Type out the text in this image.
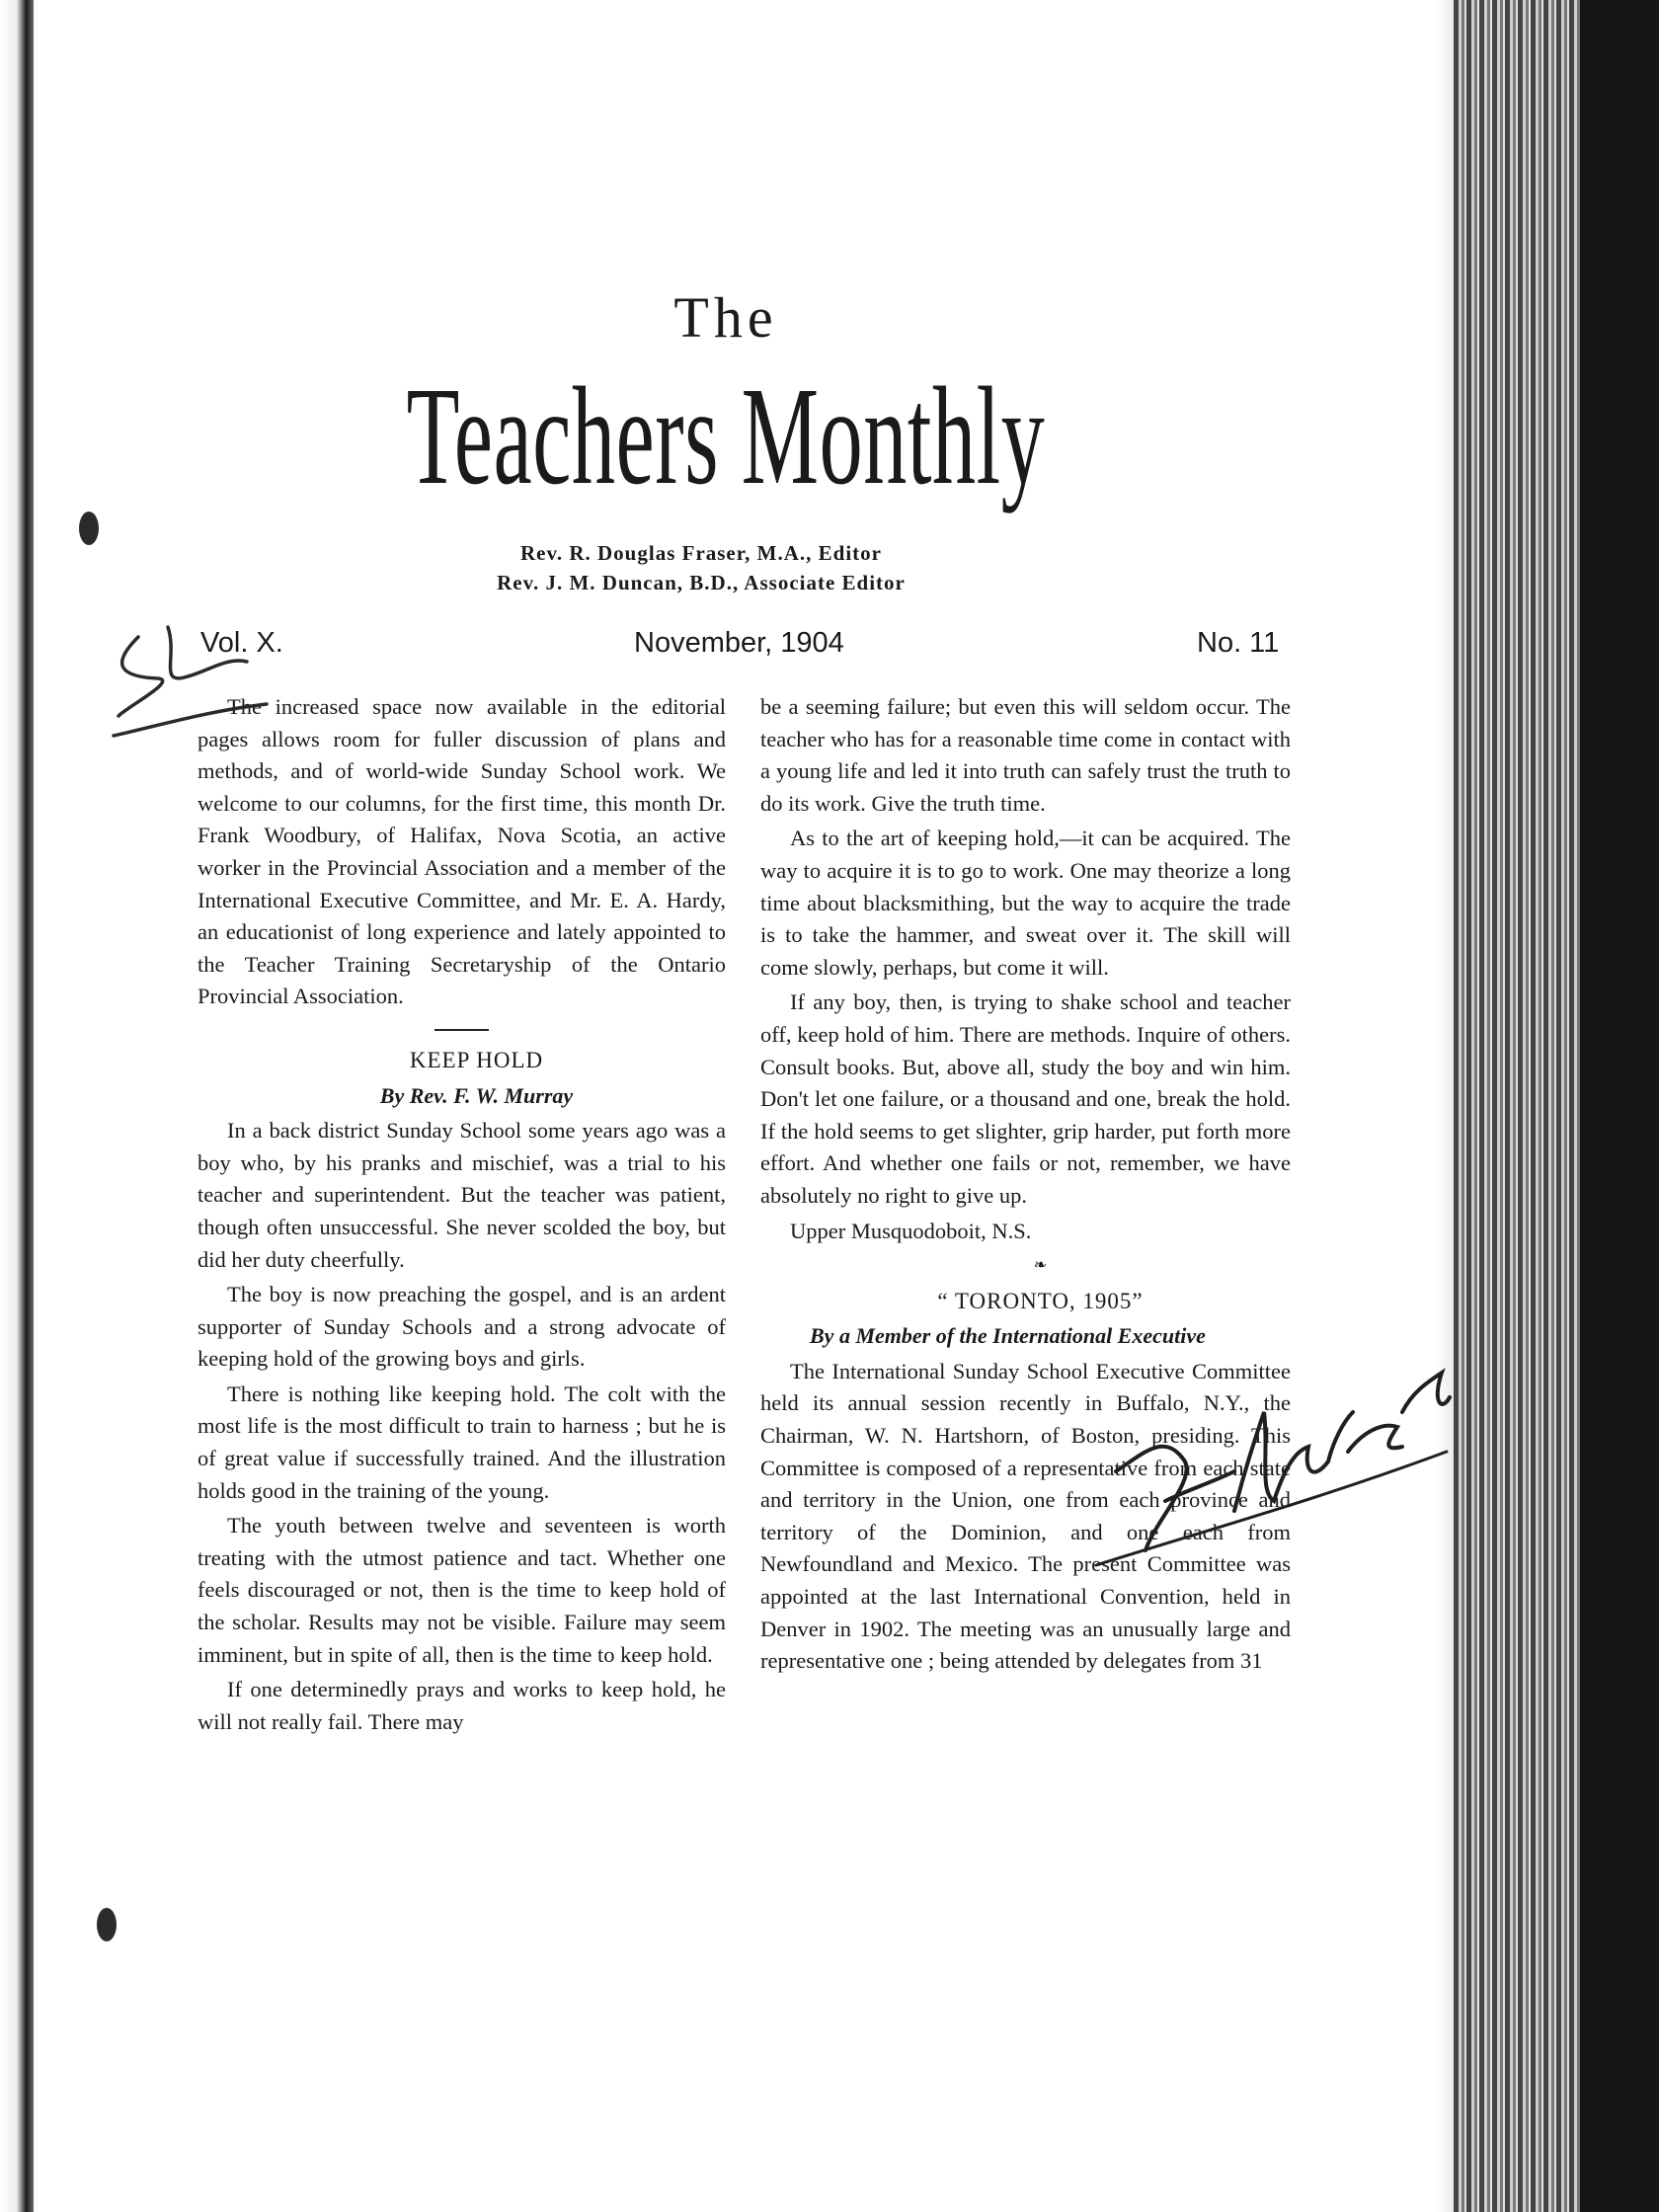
The
Teachers Monthly
Rev. R. Douglas Fraser, M.A., Editor
Rev. J. M. Duncan, B.D., Associate Editor
Vol. X.	November, 1904	No. 11

The increased space now available in the editorial pages allows room for fuller discussion of plans and methods, and of world-wide Sunday School work. We welcome to our columns, for the first time, this month Dr. Frank Woodbury, of Halifax, Nova Scotia, an active worker in the Provincial Association and a member of the International Executive Committee, and Mr. E. A. Hardy, an educationist of long experience and lately appointed to the Teacher Training Secretaryship of the Ontario Provincial Association.

KEEP HOLD

By Rev. F. W. Murray

In a back district Sunday School some years ago was a boy who, by his pranks and mischief, was a trial to his teacher and superintendent. But the teacher was patient, though often unsuccessful. She never scolded the boy, but did her duty cheerfully.

The boy is now preaching the gospel, and is an ardent supporter of Sunday Schools and a strong advocate of keeping hold of the growing boys and girls.

There is nothing like keeping hold. The colt with the most life is the most difficult to train to harness ; but he is of great value if successfully trained. And the illustration holds good in the training of the young.

The youth between twelve and seventeen is worth treating with the utmost patience and tact. Whether one feels discouraged or not, then is the time to keep hold of the scholar. Results may not be visible. Failure may seem imminent, but in spite of all, then is the time to keep hold.

If one determinedly prays and works to keep hold, he will not really fail. There may

be a seeming failure; but even this will seldom occur. The teacher who has for a reasonable time come in contact with a young life and led it into truth can safely trust the truth to do its work. Give the truth time.

As to the art of keeping hold,—it can be acquired. The way to acquire it is to go to work. One may theorize a long time about blacksmithing, but the way to acquire the trade is to take the hammer, and sweat over it. The skill will come slowly, perhaps, but come it will.

If any boy, then, is trying to shake school and teacher off, keep hold of him. There are methods. Inquire of others. Consult books. But, above all, study the boy and win him. Don't let one failure, or a thousand and one, break the hold. If the hold seems to get slighter, grip harder, put forth more effort. And whether one fails or not, remember, we have absolutely no right to give up.

Upper Musquodoboit, N.S.

❧

“ TORONTO, 1905”

By a Member of the International Executive

The International Sunday School Executive Committee held its annual session recently in Buffalo, N.Y., the Chairman, W. N. Hartshorn, of Boston, presiding. This Committee is composed of a representative from each state and territory in the Union, one from each province and territory of the Dominion, and one each from Newfoundland and Mexico. The present Committee was appointed at the last International Convention, held in Denver in 1902. The meeting was an unusually large and representative one ; being attended by delegates from 31
